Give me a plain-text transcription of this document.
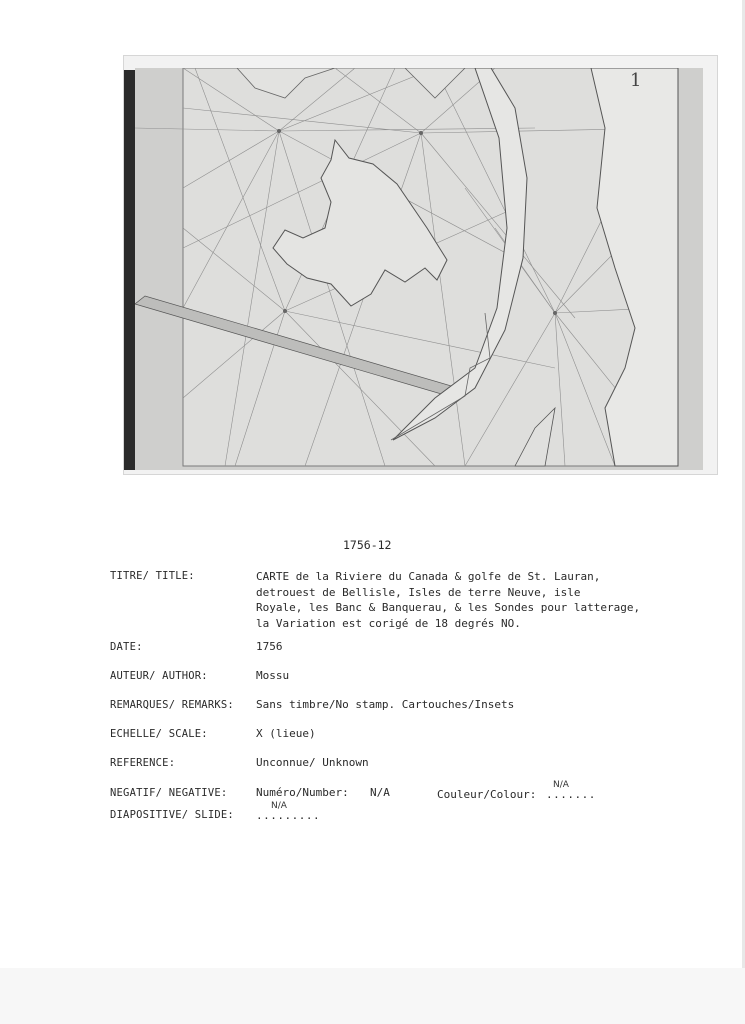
1
1756-12
TITRE/ TITLE:	CARTE de la Riviere du Canada & golfe de St. Lauran,
detrouest de Bellisle, Isles de terre Neuve, isle
Royale, les Banc & Banquerau, & les Sondes pour latterage,
la Variation est corigé de 18 degrés NO.
DATE:	1756
AUTEUR/ AUTHOR:	Mossu
REMARQUES/ REMARKS: Sans timbre/No stamp. Cartouches/Insets
ECHELLE/ SCALE:	X (lieue)
REFERENCE:	Unconnue/ Unknown
NEGATIF/ NEGATIVE:	Numéro/Number: N/A	Couleur/Colour:
N/A
.......
DIAPOSITIVE/ SLIDE:
N/A
.........
